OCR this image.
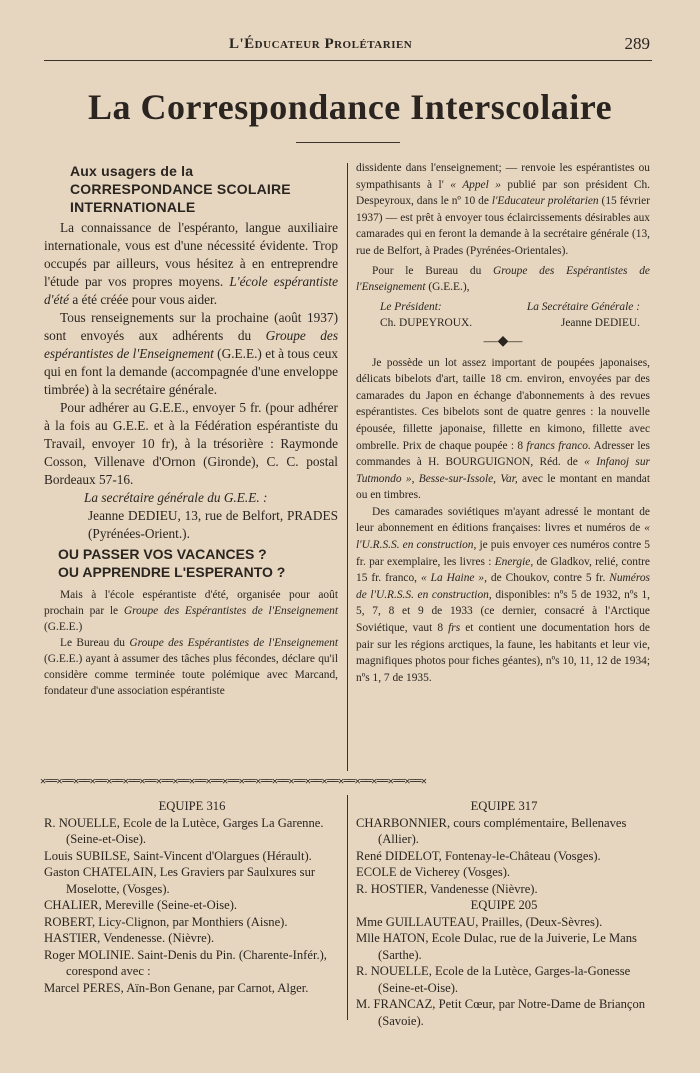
L'Éducateur Prolétarien	289
La Correspondance Interscolaire
Aux usagers de la
CORRESPONDANCE SCOLAIRE
INTERNATIONALE

La connaissance de l'espéranto, langue auxiliaire internationale, vous est d'une nécessité évidente. Trop occupés par ailleurs, vous hésitez à en entreprendre l'étude par vos propres moyens. L'école espérantiste d'été a été créée pour vous aider.

Tous renseignements sur la prochaine (août 1937) sont envoyés aux adhérents du Groupe des espérantistes de l'Enseignement (G.E.E.) et à tous ceux qui en font la demande (accompagnée d'une enveloppe timbrée) à la secrétaire générale.

Pour adhérer au G.E.E., envoyer 5 fr. (pour adhérer à la fois au G.E.E. et à la Fédération espérantiste du Travail, envoyer 10 fr), à la trésorière : Raymonde Cosson, Villenave d'Ornon (Gironde), C. C. postal Bordeaux 57-16.

La secrétaire générale du G.E.E. :

Jeanne DEDIEU, 13, rue de Belfort, PRADES (Pyrénées-Orient.).

OU PASSER VOS VACANCES ?
OU APPRENDRE L'ESPERANTO ?

Mais à l'école espérantiste d'été, organisée pour août prochain par le Groupe des Espérantistes de l'Enseignement (G.E.E.)

Le Bureau du Groupe des Espérantistes de l'Enseignement (G.E.E.) ayant à assumer des tâches plus fécondes, déclare qu'il considère comme terminée toute polémique avec Marcand, fondateur d'une association espérantiste

dissidente dans l'enseignement; — renvoie les espérantistes ou sympathisants à l' « Appel » publié par son président Ch. Despeyroux, dans le nº 10 de l'Educateur prolétarien (15 février 1937) — est prêt à envoyer tous éclaircissements désirables aux camarades qui en feront la demande à la secrétaire générale (13, rue de Belfort, à Prades (Pyrénées-Orientales).

Pour le Bureau du Groupe des Espérantistes de l'Enseignement (G.E.E.),

Le Président:	La Secrétaire Générale :
Ch. DUPEYROUX.	Jeanne DEDIEU.
—◆—

Je possède un lot assez important de poupées japonaises, délicats bibelots d'art, taille 18 cm. environ, envoyées par des camarades du Japon en échange d'abonnements à des revues espérantistes. Ces bibelots sont de quatre genres : la nouvelle épousée, fillette japonaise, fillette en kimono, fillette avec ombrelle. Prix de chaque poupée : 8 francs franco. Adresser les commandes à H. BOURGUIGNON, Réd. de « Infanoj sur Tutmondo », Besse-sur-Issole, Var, avec le montant en mandat ou en timbres.

Des camarades soviétiques m'ayant adressé le montant de leur abonnement en éditions françaises: livres et numéros de « l'U.R.S.S. en construction, je puis envoyer ces numéros contre 5 fr. par exemplaire, les livres : Energie, de Gladkov, relié, contre 15 fr. franco, « La Haine », de Choukov, contre 5 fr. Numéros de l'U.R.S.S. en construction, disponibles: nºs 5 de 1932, nºs 1, 5, 7, 8 et 9 de 1933 (ce dernier, consacré à l'Arctique Soviétique, vaut 8 frs et contient une documentation hors de pair sur les régions arctiques, la faune, les habitants et leur vie, magnifiques photos pour fiches géantes), nºs 10, 11, 12 de 1934; nºs 1, 7 de 1935.

✕══✕══✕══✕══✕══✕══✕══✕══✕══✕══✕══✕══✕══✕══✕══✕══✕══✕══✕══✕══✕══✕══✕══✕
EQUIPE 316
R. NOUELLE, Ecole de la Lutèce, Garges La Garenne. (Seine-et-Oise).
Louis SUBILSE, Saint-Vincent d'Olargues (Hérault).
Gaston CHATELAIN, Les Graviers par Saulxures sur Moselotte, (Vosges).
CHALIER, Mereville (Seine-et-Oise).
ROBERT, Licy-Clignon, par Monthiers (Aisne).
HASTIER, Vendenesse. (Nièvre).
Roger MOLINIE. Saint-Denis du Pin. (Charente-Infér.), corespond avec :
Marcel PERES, Aïn-Bon Genane, par Carnot, Alger.
EQUIPE 317
CHARBONNIER, cours complémentaire, Bellenaves (Allier).
René DIDELOT, Fontenay-le-Château (Vosges).
ECOLE de Vicherey (Vosges).
R. HOSTIER, Vandenesse (Nièvre).
EQUIPE 205
Mme GUILLAUTEAU, Prailles, (Deux-Sèvres).
Mlle HATON, Ecole Dulac, rue de la Juiverie, Le Mans (Sarthe).
R. NOUELLE, Ecole de la Lutèce, Garges-la-Gonesse (Seine-et-Oise).
M. FRANCAZ, Petit Cœur, par Notre-Dame de Briançon (Savoie).
